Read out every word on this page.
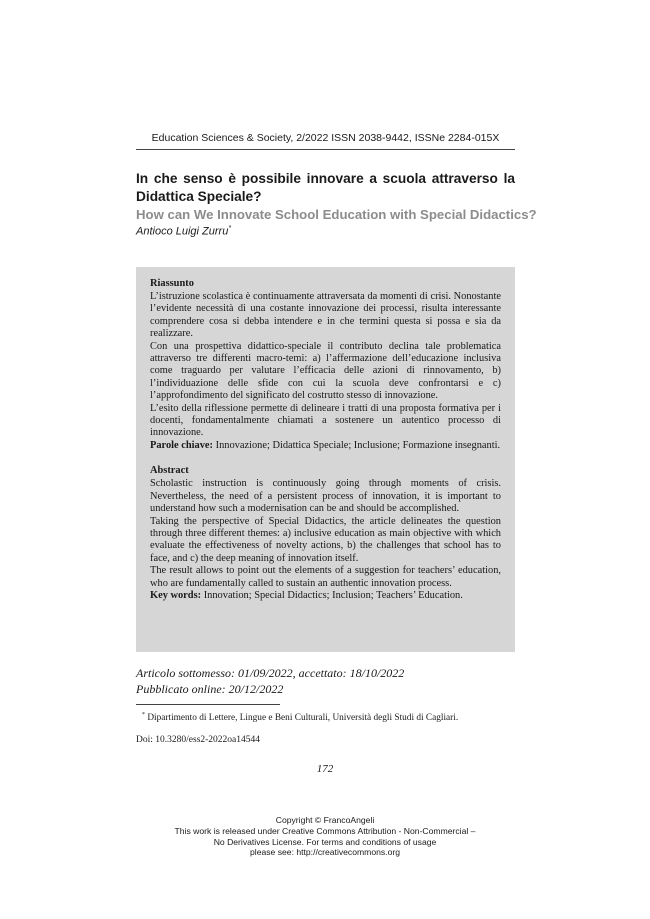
Education Sciences & Society, 2/2022 ISSN 2038-9442, ISSNe 2284-015X
In che senso è possibile innovare a scuola attraverso la Didattica Speciale?
How can We Innovate School Education with Special Didactics?
Antioco Luigi Zurru*
Riassunto

L’istruzione scolastica è continuamente attraversata da momenti di crisi. Nonostante l’evidente necessità di una costante innovazione dei processi, risulta interessante comprendere cosa si debba intendere e in che termini questa si possa e sia da realizzare.

Con una prospettiva didattico-speciale il contributo declina tale problematica attraverso tre differenti macro-temi: a) l’affermazione dell’educazione inclusiva come traguardo per valutare l’efficacia delle azioni di rinnovamento, b) l’individuazione delle sfide con cui la scuola deve confrontarsi e c) l’approfondimento del significato del costrutto stesso di innovazione.

L’esito della riflessione permette di delineare i tratti di una proposta formativa per i docenti, fondamentalmente chiamati a sostenere un autentico processo di innovazione.

Parole chiave: Innovazione; Didattica Speciale; Inclusione; Formazione insegnanti.

Abstract

Scholastic instruction is continuously going through moments of crisis. Nevertheless, the need of a persistent process of innovation, it is important to understand how such a modernisation can be and should be accomplished.

Taking the perspective of Special Didactics, the article delineates the question through three different themes: a) inclusive education as main objective with which evaluate the effectiveness of novelty actions, b) the challenges that school has to face, and c) the deep meaning of innovation itself.

The result allows to point out the elements of a suggestion for teachers’ education, who are fundamentally called to sustain an authentic innovation process.

Key words: Innovation; Special Didactics; Inclusion; Teachers’ Education.

Articolo sottomesso: 01/09/2022, accettato: 18/10/2022
Pubblicato online: 20/12/2022
* Dipartimento di Lettere, Lingue e Beni Culturali, Università degli Studi di Cagliari.
Doi: 10.3280/ess2-2022oa14544
172
Copyright © FrancoAngeli
This work is released under Creative Commons Attribution - Non-Commercial –
No Derivatives License. For terms and conditions of usage
please see: http://creativecommons.org
